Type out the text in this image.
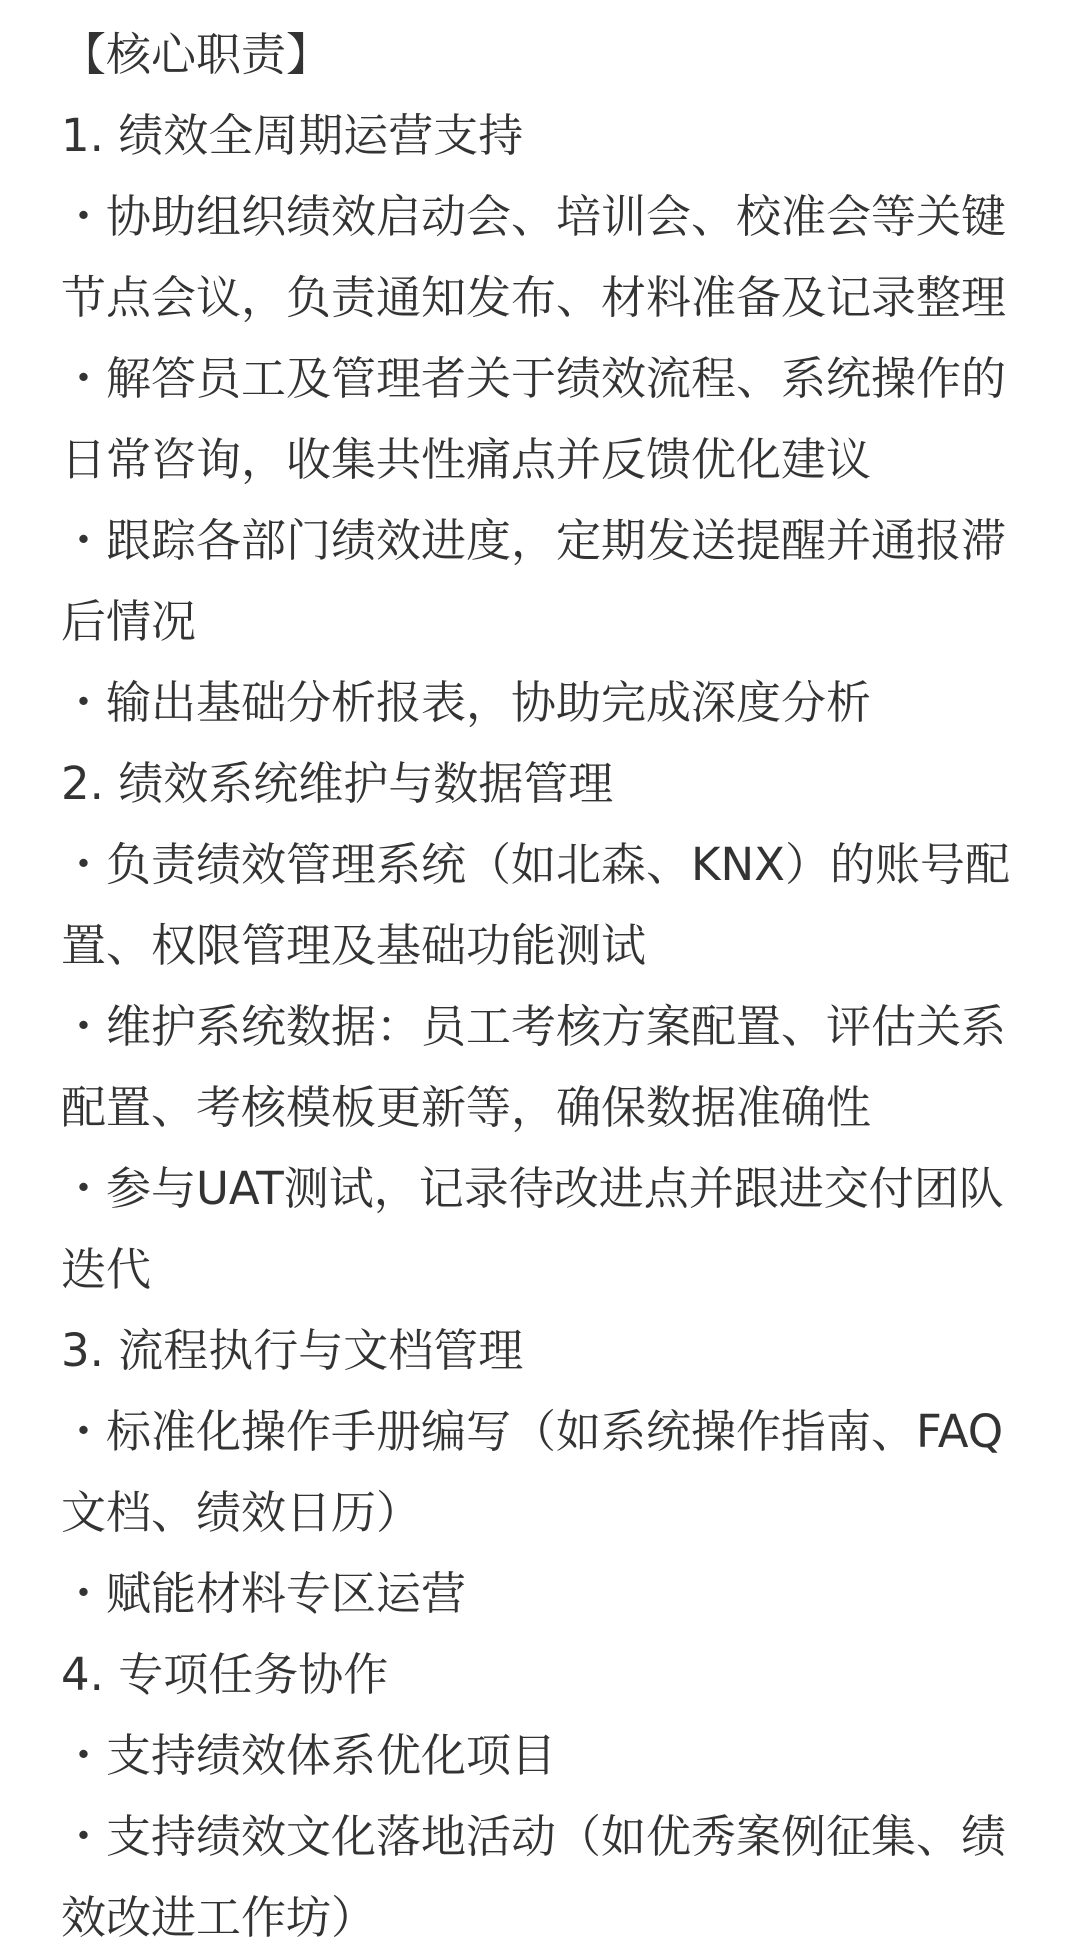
【核心职责】
1. 绩效全周期运营支持
・协助组织绩效启动会、培训会、校准会等关键
节点会议，负责通知发布、材料准备及记录整理
・解答员工及管理者关于绩效流程、系统操作的
日常咨询，收集共性痛点并反馈优化建议
・跟踪各部门绩效进度，定期发送提醒并通报滞
后情况
・输出基础分析报表，协助完成深度分析
2. 绩效系统维护与数据管理
・负责绩效管理系统（如北森、KNX）的账号配
置、权限管理及基础功能测试
・维护系统数据：员工考核方案配置、评估关系
配置、考核模板更新等，确保数据准确性
・参与UAT测试，记录待改进点并跟进交付团队
迭代
3. 流程执行与文档管理
・标准化操作手册编写（如系统操作指南、FAQ
文档、绩效日历）
・赋能材料专区运营
4. 专项任务协作
・支持绩效体系优化项目
・支持绩效文化落地活动（如优秀案例征集、绩
效改进工作坊）
